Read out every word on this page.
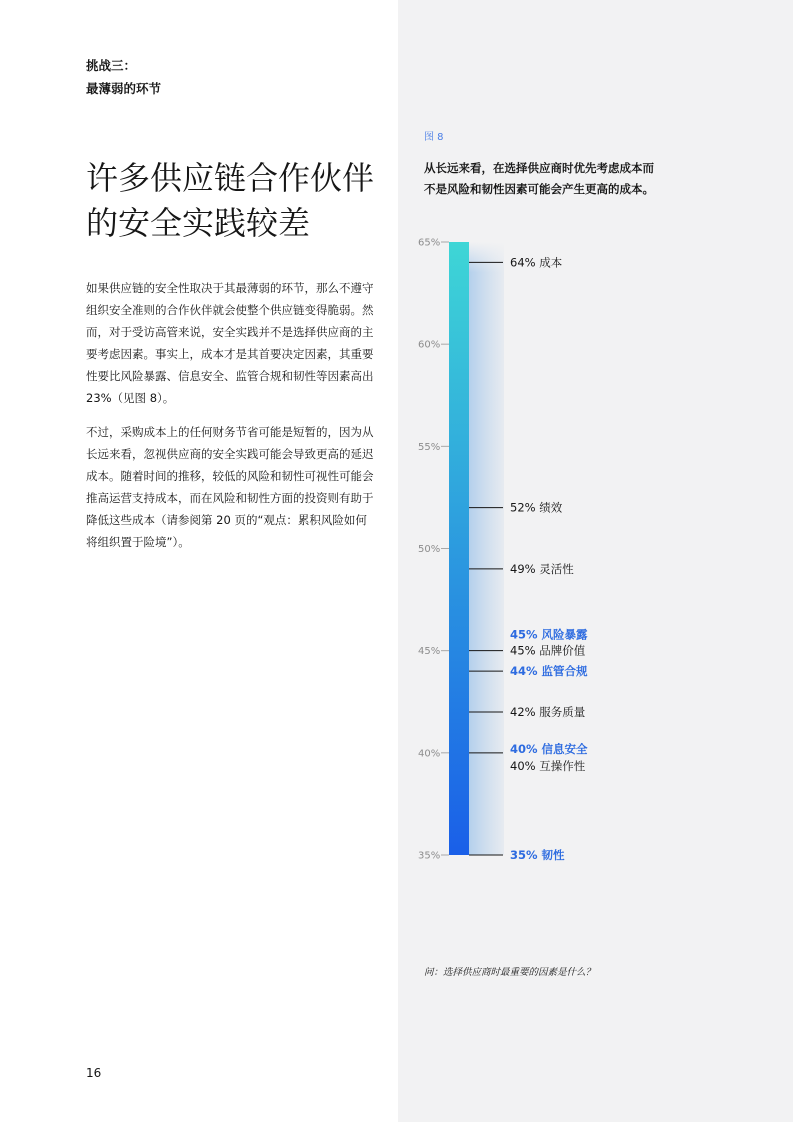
挑战三：
最薄弱的环节
许多供应链合作伙伴
的安全实践较差
如果供应链的安全性取决于其最薄弱的环节，那么不遵守组织安全准则的合作伙伴就会使整个供应链变得脆弱。然而，对于受访高管来说，安全实践并不是选择供应商的主要考虑因素。事实上，成本才是其首要决定因素，其重要性要比风险暴露、信息安全、监管合规和韧性等因素高出 23%（见图 8）。
不过，采购成本上的任何财务节省可能是短暂的，因为从长远来看，忽视供应商的安全实践可能会导致更高的延迟成本。随着时间的推移，较低的风险和韧性可视性可能会推高运营支持成本，而在风险和韧性方面的投资则有助于降低这些成本（请参阅第 20 页的“观点：累积风险如何将组织置于险境”）。
16
图 8
从长远来看，在选择供应商时优先考虑成本而
不是风险和韧性因素可能会产生更高的成本。
65%
60%
55%
50%
45%
40%
35%
64% 成本
52% 绩效
49% 灵活性
45% 风险暴露
45% 品牌价值
44% 监管合规
42% 服务质量
40% 信息安全
40% 互操作性
35% 韧性
问：选择供应商时最重要的因素是什么？
